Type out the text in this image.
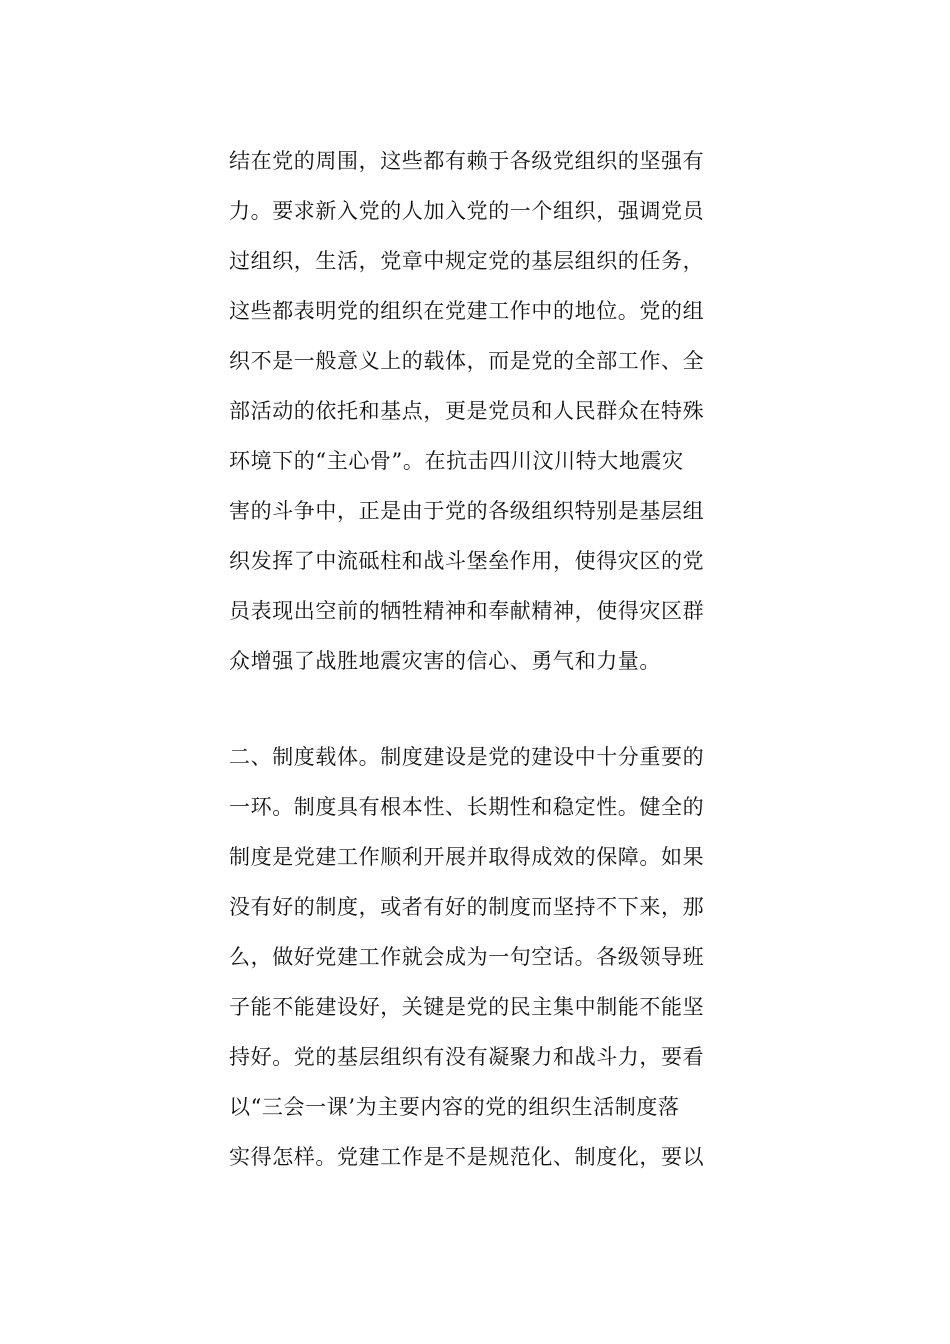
结在党的周围，这些都有赖于各级党组织的坚强有
力。要求新入党的人加入党的一个组织，强调党员
过组织，生活，党章中规定党的基层组织的任务，
这些都表明党的组织在党建工作中的地位。党的组
织不是一般意义上的载体，而是党的全部工作、全
部活动的依托和基点，更是党员和人民群众在特殊
环境下的“主心骨”。在抗击四川汶川特大地震灾
害的斗争中，正是由于党的各级组织特别是基层组
织发挥了中流砥柱和战斗堡垒作用，使得灾区的党
员表现出空前的牺牲精神和奉献精神，使得灾区群
众增强了战胜地震灾害的信心、勇气和力量。
二、制度载体。制度建设是党的建设中十分重要的
一环。制度具有根本性、长期性和稳定性。健全的
制度是党建工作顺利开展并取得成效的保障。如果
没有好的制度，或者有好的制度而坚持不下来，那
么，做好党建工作就会成为一句空话。各级领导班
子能不能建设好，关键是党的民主集中制能不能坚
持好。党的基层组织有没有凝聚力和战斗力，要看
以“三会一课’为主要内容的党的组织生活制度落
实得怎样。党建工作是不是规范化、制度化，要以
